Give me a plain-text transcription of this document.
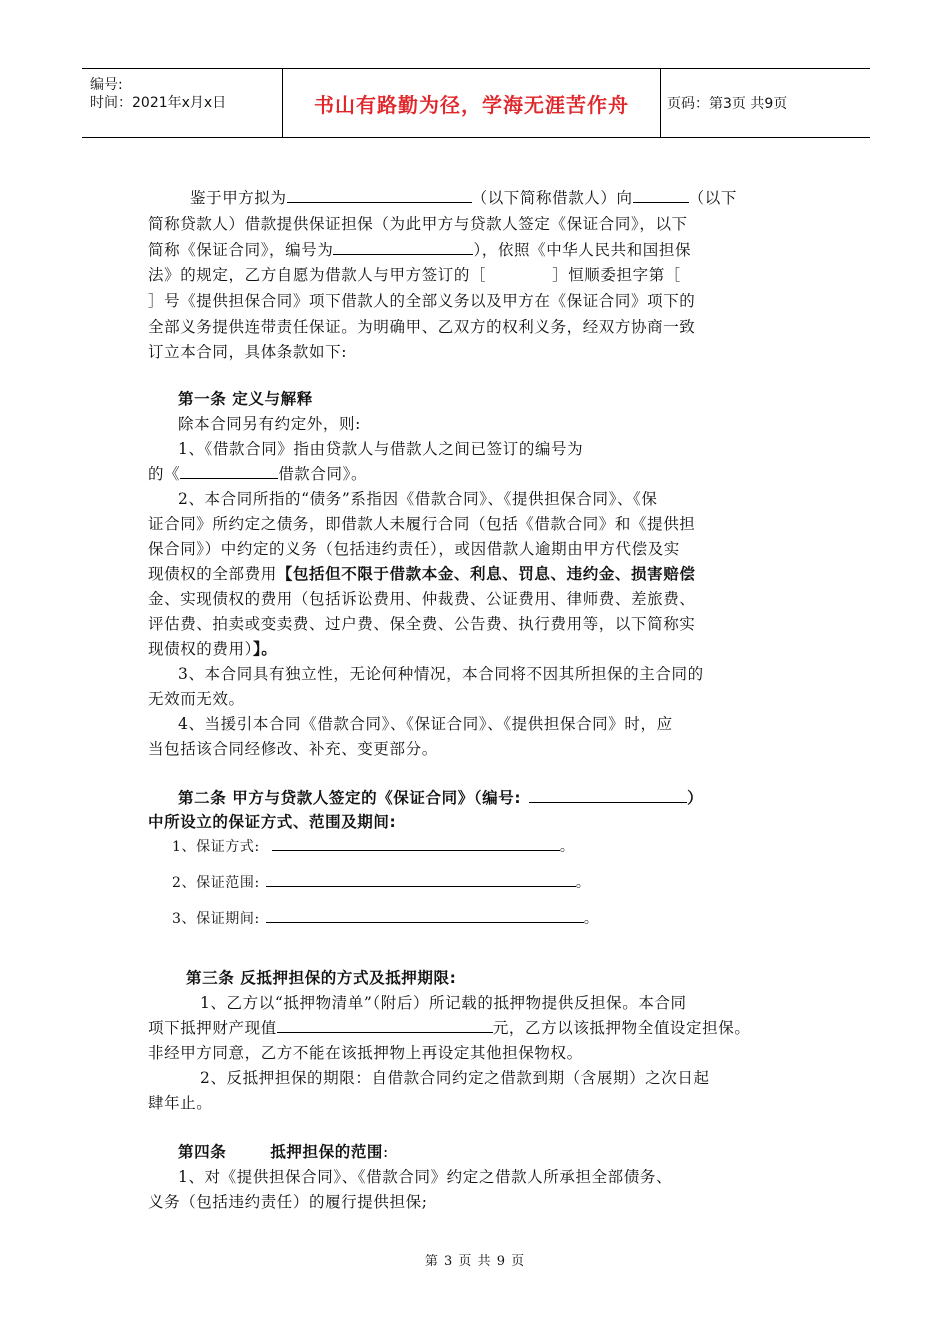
编号:
时间：2021年x月x日	书山有路勤为径，学海无涯苦作舟	页码：第3页 共9页
鉴于甲方拟为	（以下简称借款人）向	（以下
简称贷款人）借款提供保证担保（为此甲方与贷款人签定《保证合同》，以下
简称《保证合同》，编号为	），依照《中华人民共和国担保
法》的规定，乙方自愿为借款人与甲方签订的［	］恒顺委担字第［
］号《提供担保合同》项下借款人的全部义务以及甲方在《保证合同》项下的
全部义务提供连带责任保证。为明确甲、乙双方的权利义务，经双方协商一致
订立本合同，具体条款如下:
第一条 定义与解释
除本合同另有约定外，则:
1、《借款合同》指由贷款人与借款人之间已签订的编号为
的《	借款合同》。
2、本合同所指的“债务”系指因《借款合同》、《提供担保合同》、《保
证合同》所约定之债务，即借款人未履行合同（包括《借款合同》和《提供担
保合同》）中约定的义务（包括违约责任），或因借款人逾期由甲方代偿及实
现债权的全部费用【包括但不限于借款本金、利息、罚息、违约金、损害赔偿
金、实现债权的费用（包括诉讼费用、仲裁费、公证费用、律师费、差旅费、
评估费、拍卖或变卖费、过户费、保全费、公告费、执行费用等，以下简称实
现债权的费用）】。
3、本合同具有独立性，无论何种情况，本合同将不因其所担保的主合同的
无效而无效。
4、当援引本合同《借款合同》、《保证合同》、《提供担保合同》时，应
当包括该合同经修改、补充、变更部分。
第二条 甲方与贷款人签定的《保证合同》（编号:	）
中所设立的保证方式、范围及期间:
1、保证方式:	。
2、保证范围:	。
3、保证期间:	。
第三条 反抵押担保的方式及抵押期限:
1、乙方以“抵押物清单”（附后）所记载的抵押物提供反担保。本合同
项下抵押财产现值	元，乙方以该抵押物全值设定担保。
非经甲方同意，乙方不能在该抵押物上再设定其他担保物权。
2、反抵押担保的期限：自借款合同约定之借款到期（含展期）之次日起
肆年止。
第四条	抵押担保的范围:
1、对《提供担保合同》、《借款合同》约定之借款人所承担全部债务、
义务（包括违约责任）的履行提供担保;
第 3 页 共 9 页
